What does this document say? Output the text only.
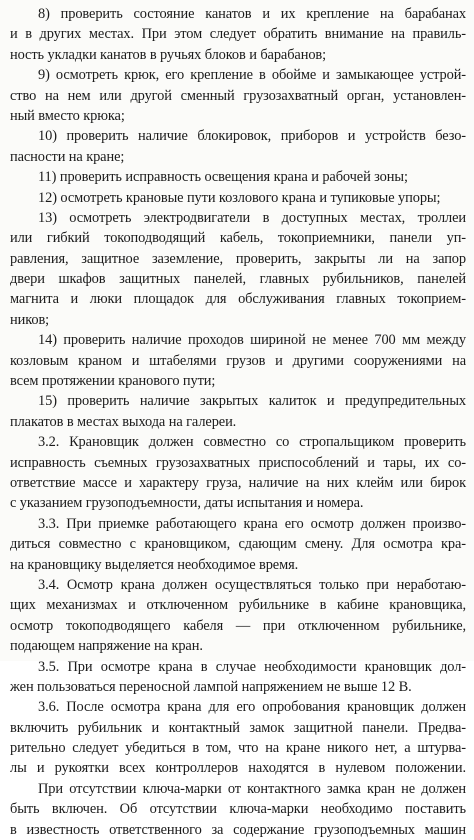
8) проверить состояние канатов и их крепление на барабанах
и в других местах. При этом следует обратить внимание на правиль-
ность укладки канатов в ручьях блоков и барабанов;
9) осмотреть крюк, его крепление в обойме и замыкающее устрой-
ство на нем или другой сменный грузозахватный орган, установлен-
ный вместо крюка;
10) проверить наличие блокировок, приборов и устройств безо-
пасности на кране;
11) проверить исправность освещения крана и рабочей зоны;
12) осмотреть крановые пути козлового крана и тупиковые упоры;
13) осмотреть электродвигатели в доступных местах, троллеи
или гибкий токоподводящий кабель, токоприемники, панели уп-
равления, защитное заземление, проверить, закрыты ли на запор
двери шкафов защитных панелей, главных рубильников, панелей
магнита и люки площадок для обслуживания главных токоприем-
ников;
14) проверить наличие проходов шириной не менее 700 мм между
козловым краном и штабелями грузов и другими сооружениями на
всем протяжении кранового пути;
15) проверить наличие закрытых калиток и предупредительных
плакатов в местах выхода на галереи.
3.2. Крановщик должен совместно со стропальщиком проверить
исправность съемных грузозахватных приспособлений и тары, их со-
ответствие массе и характеру груза, наличие на них клейм или бирок
с указанием грузоподъемности, даты испытания и номера.
3.3. При приемке работающего крана его осмотр должен произво-
диться совместно с крановщиком, сдающим смену. Для осмотра кра-
на крановщику выделяется необходимое время.
3.4. Осмотр крана должен осуществляться только при неработаю-
щих механизмах и отключенном рубильнике в кабине крановщика,
осмотр токоподводящего кабеля — при отключенном рубильнике,
подающем напряжение на кран.
3.5. При осмотре крана в случае необходимости крановщик дол-
жен пользоваться переносной лампой напряжением не выше 12 В.
3.6. После осмотра крана для его опробования крановщик должен
включить рубильник и контактный замок защитной панели. Предва-
рительно следует убедиться в том, что на кране никого нет, а штурва-
лы и рукоятки всех контроллеров находятся в нулевом положении.
При отсутствии ключа-марки от контактного замка кран не должен
быть включен. Об отсутствии ключа-марки необходимо поставить
в известность ответственного за содержание грузоподъемных машин
